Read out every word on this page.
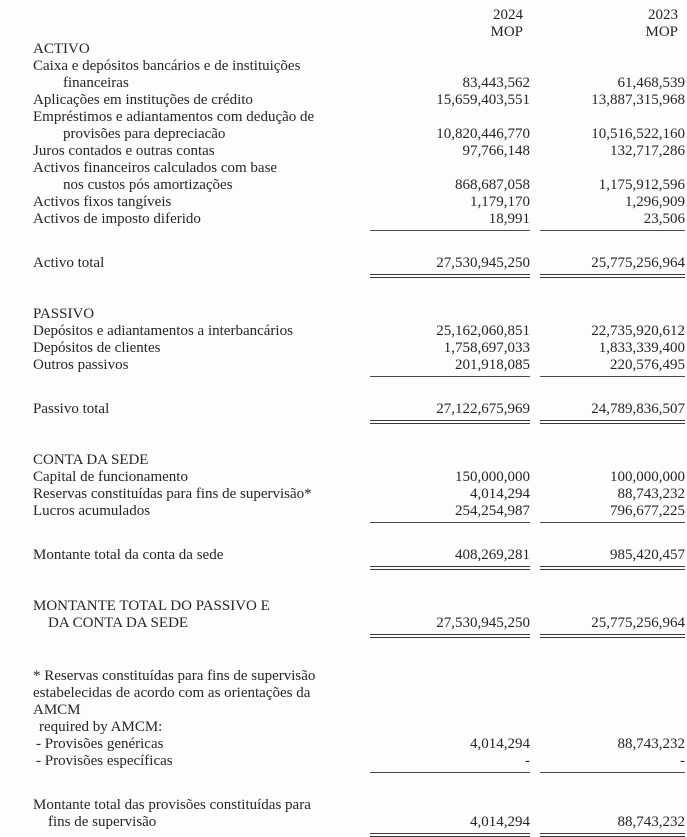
	2024		2023
	MOP		MOP
ACTIVO			
Caixa e depósitos bancários e de instituições			
financeiras	83,443,562		61,468,539
Aplicações em instituções de crédito	15,659,403,551		13,887,315,968
Empréstimos e adiantamentos com dedução de			
provisões para depreciacão	10,820,446,770		10,516,522,160
Juros contados e outras contas	97,766,148		132,717,286
Activos financeiros calculados com base			
nos custos pós amortizações	868,687,058		1,175,912,596
Activos fixos tangíveis	1,179,170		1,296,909
Activos de imposto diferido	18,991		23,506

Activo total	27,530,945,250		25,775,256,964

PASSIVO			
Depósitos e adiantamentos a interbancários	25,162,060,851		22,735,920,612
Depósitos de clientes	1,758,697,033		1,833,339,400
Outros passivos	201,918,085		220,576,495

Passivo total	27,122,675,969		24,789,836,507

CONTA DA SEDE			
Capital de funcionamento	150,000,000		100,000,000
Reservas constituídas para fins de supervisão*	4,014,294		88,743,232
Lucros acumulados	254,254,987		796,677,225

Montante total da conta da sede	408,269,281		985,420,457

MONTANTE TOTAL DO PASSIVO E			
DA CONTA DA SEDE	27,530,945,250		25,775,256,964

* Reservas constituídas para fins de supervisão			
estabelecidas de acordo com as orientações da			
AMCM			
required by AMCM:			
- Provisões genéricas	4,014,294		88,743,232
- Provisões específicas	-		-

Montante total das provisões constituídas para			
fins de supervisão	4,014,294		88,743,232
